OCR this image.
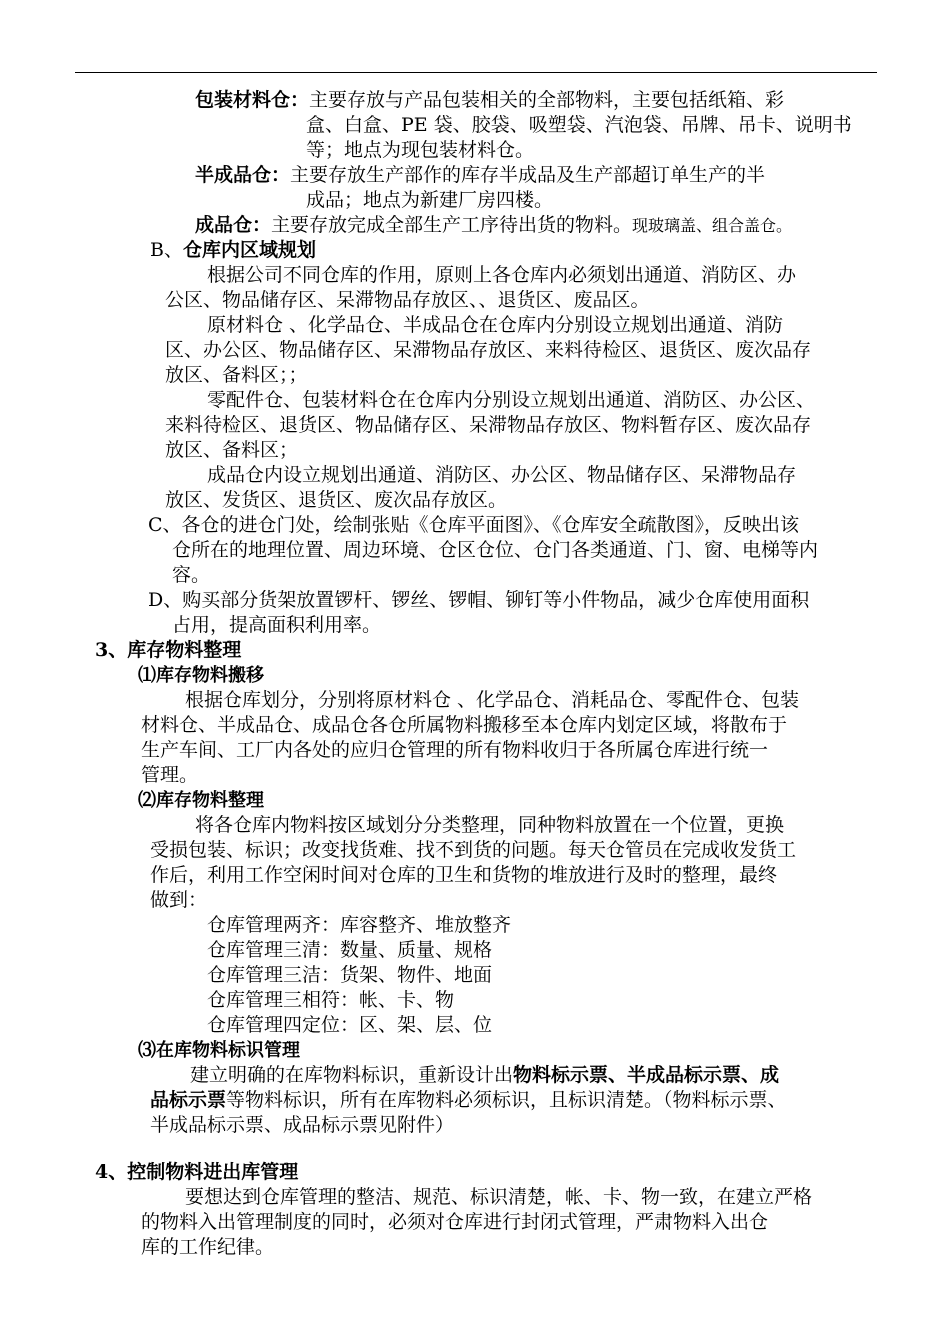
包装材料仓：主要存放与产品包装相关的全部物料，主要包括纸箱、彩
盒、白盒、PE 袋、胶袋、吸塑袋、汽泡袋、吊牌、吊卡、说明书
等；地点为现包装材料仓。
半成品仓：主要存放生产部作的库存半成品及生产部超订单生产的半
成品；地点为新建厂房四楼。
成品仓：主要存放完成全部生产工序待出货的物料。现玻璃盖、组合盖仓。
B、仓库内区域规划
根据公司不同仓库的作用，原则上各仓库内必须划出通道、消防区、办
公区、物品储存区、呆滞物品存放区、、退货区、废品区。
原材料仓 、化学品仓、半成品仓在仓库内分别设立规划出通道、消防
区、办公区、物品储存区、呆滞物品存放区、来料待检区、退货区、废次品存
放区、备料区；；
零配件仓、包装材料仓在仓库内分别设立规划出通道、消防区、办公区、
来料待检区、退货区、物品储存区、呆滞物品存放区、物料暂存区、废次品存
放区、备料区；
成品仓内设立规划出通道、消防区、办公区、物品储存区、呆滞物品存
放区、发货区、退货区、废次品存放区。
C、各仓的进仓门处，绘制张贴《仓库平面图》、《仓库安全疏散图》，反映出该
仓所在的地理位置、周边环境、仓区仓位、仓门各类通道、门、窗、电梯等内
容。
D、购买部分货架放置锣杆、锣丝、锣帽、铆钉等小件物品，减少仓库使用面积
占用，提高面积利用率。
3、库存物料整理
⑴库存物料搬移
根据仓库划分，分别将原材料仓 、化学品仓、消耗品仓、零配件仓、包装
材料仓、半成品仓、成品仓各仓所属物料搬移至本仓库内划定区域，将散布于
生产车间、工厂内各处的应归仓管理的所有物料收归于各所属仓库进行统一
管理。
⑵库存物料整理
将各仓库内物料按区域划分分类整理，同种物料放置在一个位置，更换
受损包装、标识；改变找货难、找不到货的问题。每天仓管员在完成收发货工
作后，利用工作空闲时间对仓库的卫生和货物的堆放进行及时的整理，最终
做到：
仓库管理两齐：库容整齐、堆放整齐
仓库管理三清：数量、质量、规格
仓库管理三洁：货架、物件、地面
仓库管理三相符：帐、卡、物
仓库管理四定位：区、架、层、位
⑶在库物料标识管理
建立明确的在库物料标识，重新设计出物料标示票、半成品标示票、成
品标示票等物料标识，所有在库物料必须标识，且标识清楚。（物料标示票、
半成品标示票、成品标示票见附件）
4、控制物料进出库管理
要想达到仓库管理的整洁、规范、标识清楚，帐、卡、物一致，在建立严格
的物料入出管理制度的同时，必须对仓库进行封闭式管理，严肃物料入出仓
库的工作纪律。
